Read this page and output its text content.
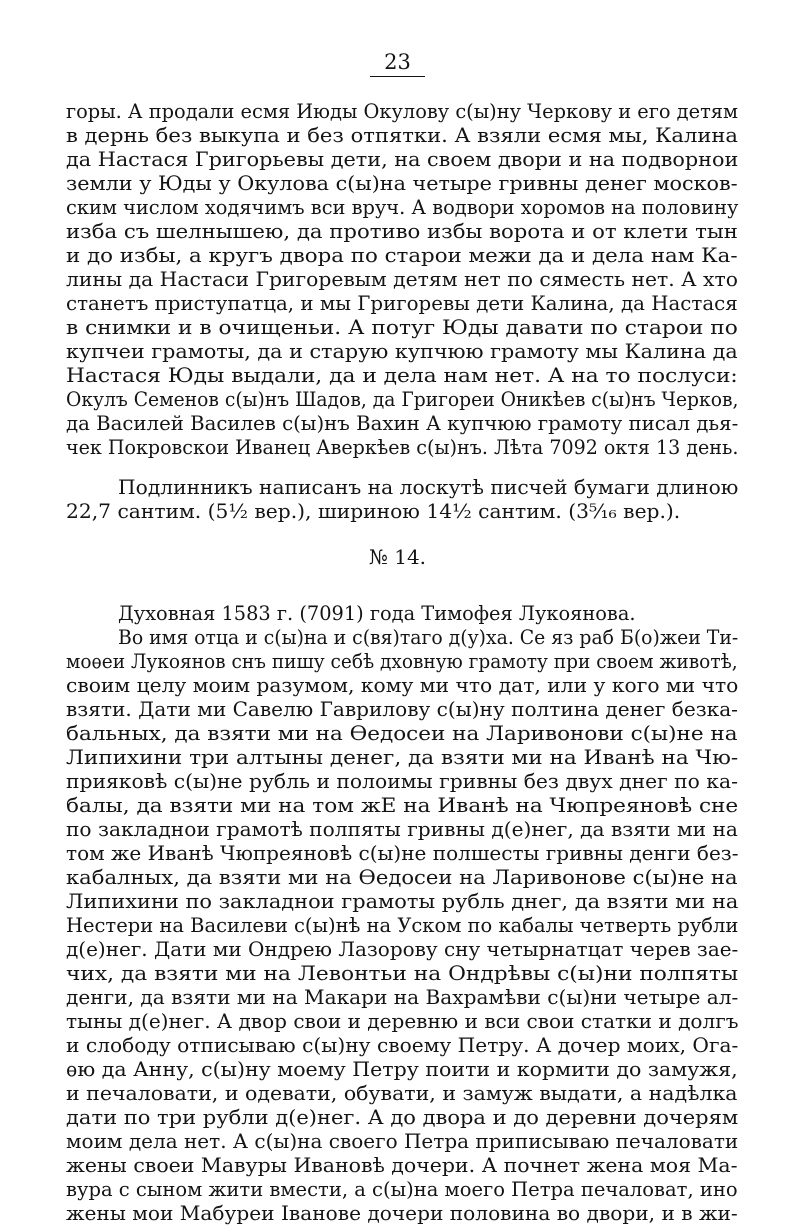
23
горы. А продали есмя Июды Окулову с(ы)ну Черкову и его детям
в дернь без выкупа и без отпятки. А взяли есмя мы, Калина
да Настася Григорьевы дети, на своем двори и на подворнои
земли у Юды у Окулова с(ы)на четыре гривны денег москов-
ским числом ходячимъ вси вруч. А водвори хоромов на половину
изба съ шелнышею, да противо избы ворота и от клети тын
и до избы, а кругъ двора по старои межи да и дела нам Ка-
лины да Настаси Григоревым детям нет по сяместь нет. А хто
станетъ приступатца, и мы Григоревы дети Калина, да Настася
в снимки и в очищеньи. А потуг Юды давати по старои по
купчеи грамоты, да и старую купчюю грамоту мы Калина да
Настася Юды выдали, да и дела нам нет. А на то послуси:
Окулъ Семенов с(ы)нъ Шадов, да Григореи Оникѣев с(ы)нъ Черков,
да Василей Василев с(ы)нъ Вахин А купчюю грамоту писал дья-
чек Покровскои Иванец Аверкѣев с(ы)нъ. Лѣта 7092 октя 13 день.
Подлинникъ написанъ на лоскутѣ писчей бумаги длиною
22,7 сантим. (5½ вер.), шириною 14½ сантим. (3⁵⁄₁₆ вер.).
№ 14.
Духовная 1583 г. (7091) года Тимофея Лукоянова.
Во имя отца и с(ы)на и с(вя)таго д(у)ха. Се яз раб Б(о)жеи Ти-
моѳеи Лукоянов снъ пишу себѣ дховную грамоту при своем животѣ,
своим целу моим разумом, кому ми что дат, или у кого ми что
взяти. Дати ми Савелю Гаврилову с(ы)ну полтина денег безка-
бальных, да взяти ми на Ѳедосеи на Ларивонови с(ы)не на
Липихини три алтыны денег, да взяти ми на Иванѣ на Чю-
прияковѣ с(ы)не рубль и полоимы гривны без двух днег по ка-
балы, да взяти ми на том жЕ на Иванѣ на Чюпреяновѣ сне
по закладнои грамотѣ полпяты гривны д(е)нег, да взяти ми на
том же Иванѣ Чюпреяновѣ с(ы)не полшесты гривны денги без-
кабалных, да взяти ми на Ѳедосеи на Ларивонове с(ы)не на
Липихини по закладнои грамоты рубль днег, да взяти ми на
Нестери на Василеви с(ы)нѣ на Уском по кабалы четверть рубли
д(е)нег. Дати ми Ондрею Лазорову сну четырнатцат черев заe-
чих, да взяти ми на Левонтьи на Ондрѣвы с(ы)ни полпяты
денги, да взяти ми на Макари на Вахрамѣви с(ы)ни четыре ал-
тыны д(е)нег. А двор свои и деревню и вси свои статки и долгъ
и слободу отписываю с(ы)ну своему Петру. А дочер моих, Ога-
ѳю да Анну, с(ы)ну моему Петру поити и кормити до замужя,
и печаловати, и одевати, обувати, и замуж выдати, а надѣлка
дати по три рубли д(е)нег. А до двора и до деревни дочерям
моим дела нет. А с(ы)на своего Петра приписываю печаловати
жены своеи Мавуры Ивановѣ дочери. А почнет жена моя Ма-
вура с сыном жити вмести, а с(ы)на моего Петра печаловат, ино
жены мои Мабуреи Іванове дочери половина во двори, и в жи-
